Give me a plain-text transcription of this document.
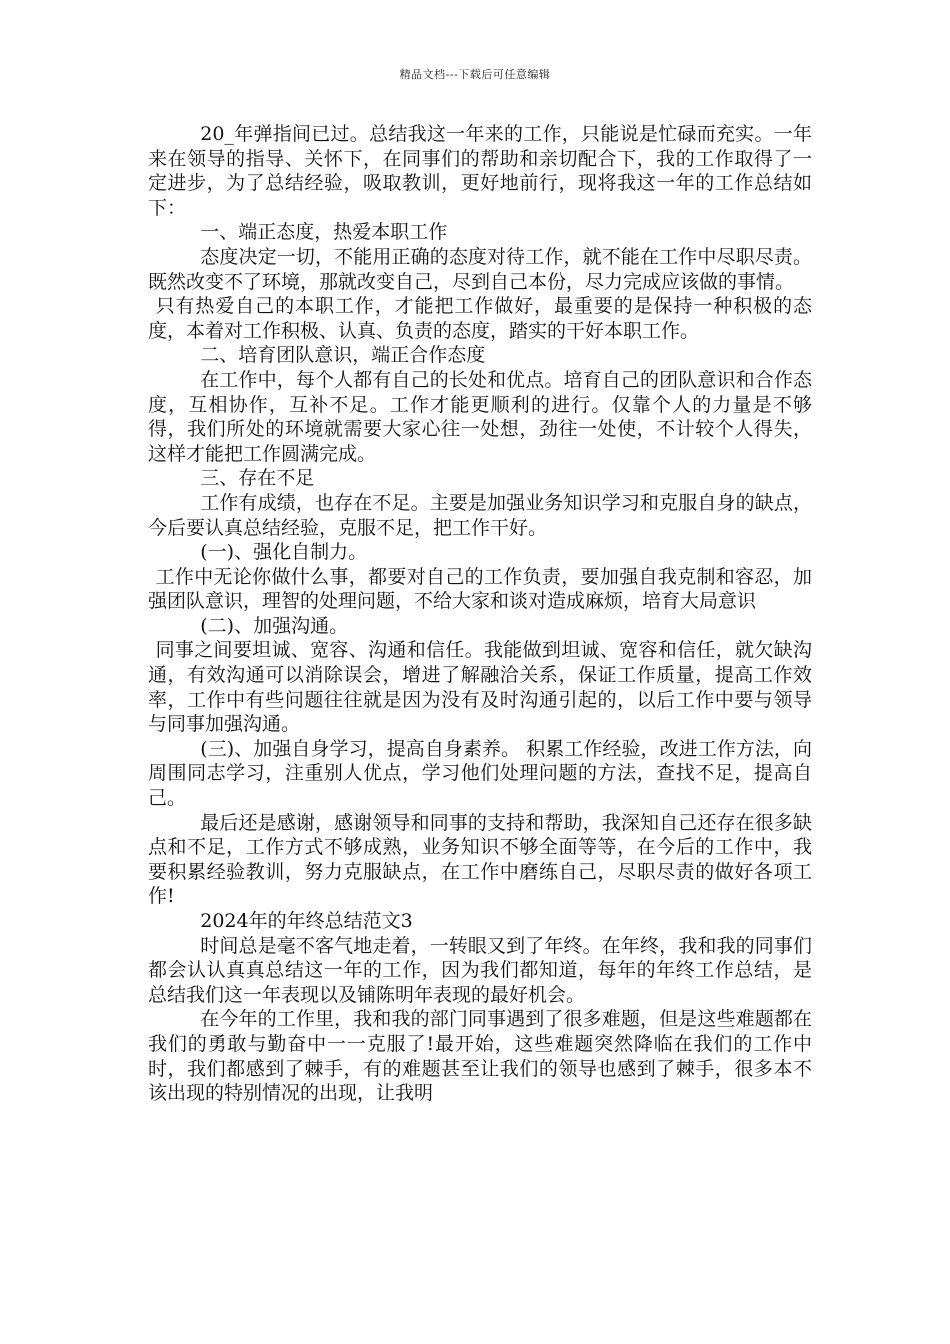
精品文档---下载后可任意编辑

20_年弹指间已过。总结我这一年来的工作，只能说是忙碌而充实。一年来在领导的指导、关怀下，在同事们的帮助和亲切配合下，我的工作取得了一定进步，为了总结经验，吸取教训，更好地前行，现将我这一年的工作总结如下：

一、端正态度，热爱本职工作

态度决定一切，不能用正确的态度对待工作，就不能在工作中尽职尽责。既然改变不了环境，那就改变自己，尽到自己本份，尽力完成应该做的事情。

只有热爱自己的本职工作，才能把工作做好，最重要的是保持一种积极的态度，本着对工作积极、认真、负责的态度，踏实的干好本职工作。

二、培育团队意识，端正合作态度

在工作中，每个人都有自己的长处和优点。培育自己的团队意识和合作态度，互相协作，互补不足。工作才能更顺利的进行。仅靠个人的力量是不够得，我们所处的环境就需要大家心往一处想，劲往一处使，不计较个人得失，这样才能把工作圆满完成。

三、存在不足

工作有成绩，也存在不足。主要是加强业务知识学习和克服自身的缺点，今后要认真总结经验，克服不足，把工作干好。

(一)、强化自制力。

工作中无论你做什么事，都要对自己的工作负责，要加强自我克制和容忍，加强团队意识，理智的处理问题，不给大家和谈对造成麻烦，培育大局意识

(二)、加强沟通。

同事之间要坦诚、宽容、沟通和信任。我能做到坦诚、宽容和信任，就欠缺沟通，有效沟通可以消除误会，增进了解融洽关系，保证工作质量，提高工作效率，工作中有些问题往往就是因为没有及时沟通引起的，以后工作中要与领导与同事加强沟通。

(三)、加强自身学习，提高自身素养。 积累工作经验，改进工作方法，向周围同志学习，注重别人优点，学习他们处理问题的方法，查找不足，提高自己。

最后还是感谢，感谢领导和同事的支持和帮助，我深知自己还存在很多缺点和不足，工作方式不够成熟，业务知识不够全面等等，在今后的工作中，我要积累经验教训，努力克服缺点，在工作中磨练自己，尽职尽责的做好各项工作!

2024年的年终总结范文3

时间总是毫不客气地走着，一转眼又到了年终。在年终，我和我的同事们都会认认真真总结这一年的工作，因为我们都知道，每年的年终工作总结，是总结我们这一年表现以及铺陈明年表现的最好机会。

在今年的工作里，我和我的部门同事遇到了很多难题，但是这些难题都在我们的勇敢与勤奋中一一克服了!最开始，这些难题突然降临在我们的工作中时，我们都感到了棘手，有的难题甚至让我们的领导也感到了棘手，很多本不该出现的特别情况的出现，让我明
